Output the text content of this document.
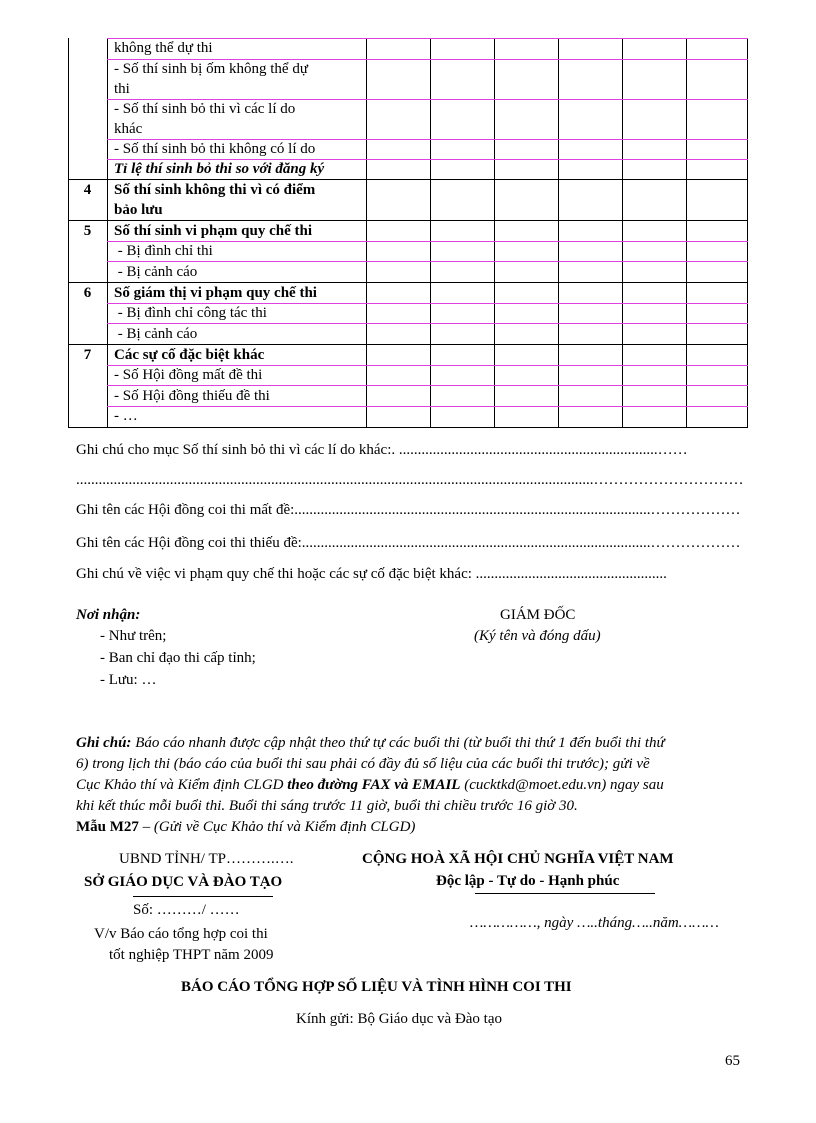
không thể dự thi
- Số thí sinh bị ốm không thể dự
thi
- Số thí sinh bỏ thi vì các lí do
khác
- Số thí sinh bỏ thi không có lí do
Tỉ lệ thí sinh bỏ thi so với đăng ký
4	Số thí sinh không thi vì có điểm
bảo lưu
5	Số thí sinh vi phạm quy chế thi
- Bị đình chỉ thi
- Bị cảnh cáo
6	Số giám thị vi phạm quy chế thi
- Bị đình chỉ công tác thi
- Bị cảnh cáo
7	Các sự cố đặc biệt khác
- Số Hội đồng mất đề thi
- Số Hội đồng thiếu đề thi
- …
Ghi chú cho mục Số thí sinh bỏ thi vì các lí do khác:. .....................................................................……
..........................................................................................................................................…………………………
Ghi tên các Hội đồng coi thi mất đề:...............................................................................................………………
Ghi tên các Hội đồng coi thi thiếu đề:.............................................................................................………………
Ghi chú về việc vi phạm quy chế thi hoặc các sự cố đặc biệt khác: ...................................................
Nơi nhận:
- Như trên;
- Ban chỉ đạo thi cấp tỉnh;
- Lưu: …
GIÁM ĐỐC
(Ký tên và đóng dấu)
Ghi chú: Báo cáo nhanh được cập nhật theo thứ tự các buổi thi (từ buổi thi thứ 1 đến buổi thi thứ
6) trong lịch thi (báo cáo của buổi thi sau phải có đầy đủ số liệu của các buổi thi trước); gửi về
Cục Khảo thí và Kiểm định CLGD theo đường FAX và EMAIL (cucktkd@moet.edu.vn) ngay sau
khi kết thúc mỗi buổi thi. Buổi thi sáng trước 11 giờ, buổi thi chiều trước 16 giờ 30.
Mẫu M27 – (Gửi về Cục Khảo thí và Kiểm định CLGD)
UBND TỈNH/ TP……….….
SỞ GIÁO DỤC VÀ ĐÀO TẠO
Số: ………/ ……
V/v Báo cáo tổng hợp coi thi
tốt nghiệp THPT năm 2009
CỘNG HOÀ XÃ HỘI CHỦ NGHĨA VIỆT NAM
Độc lập - Tự do - Hạnh phúc
……………, ngày …..tháng…..năm………
BÁO CÁO TỔNG HỢP SỐ LIỆU VÀ TÌNH HÌNH COI THI
Kính gửi: Bộ Giáo dục và Đào tạo
65
